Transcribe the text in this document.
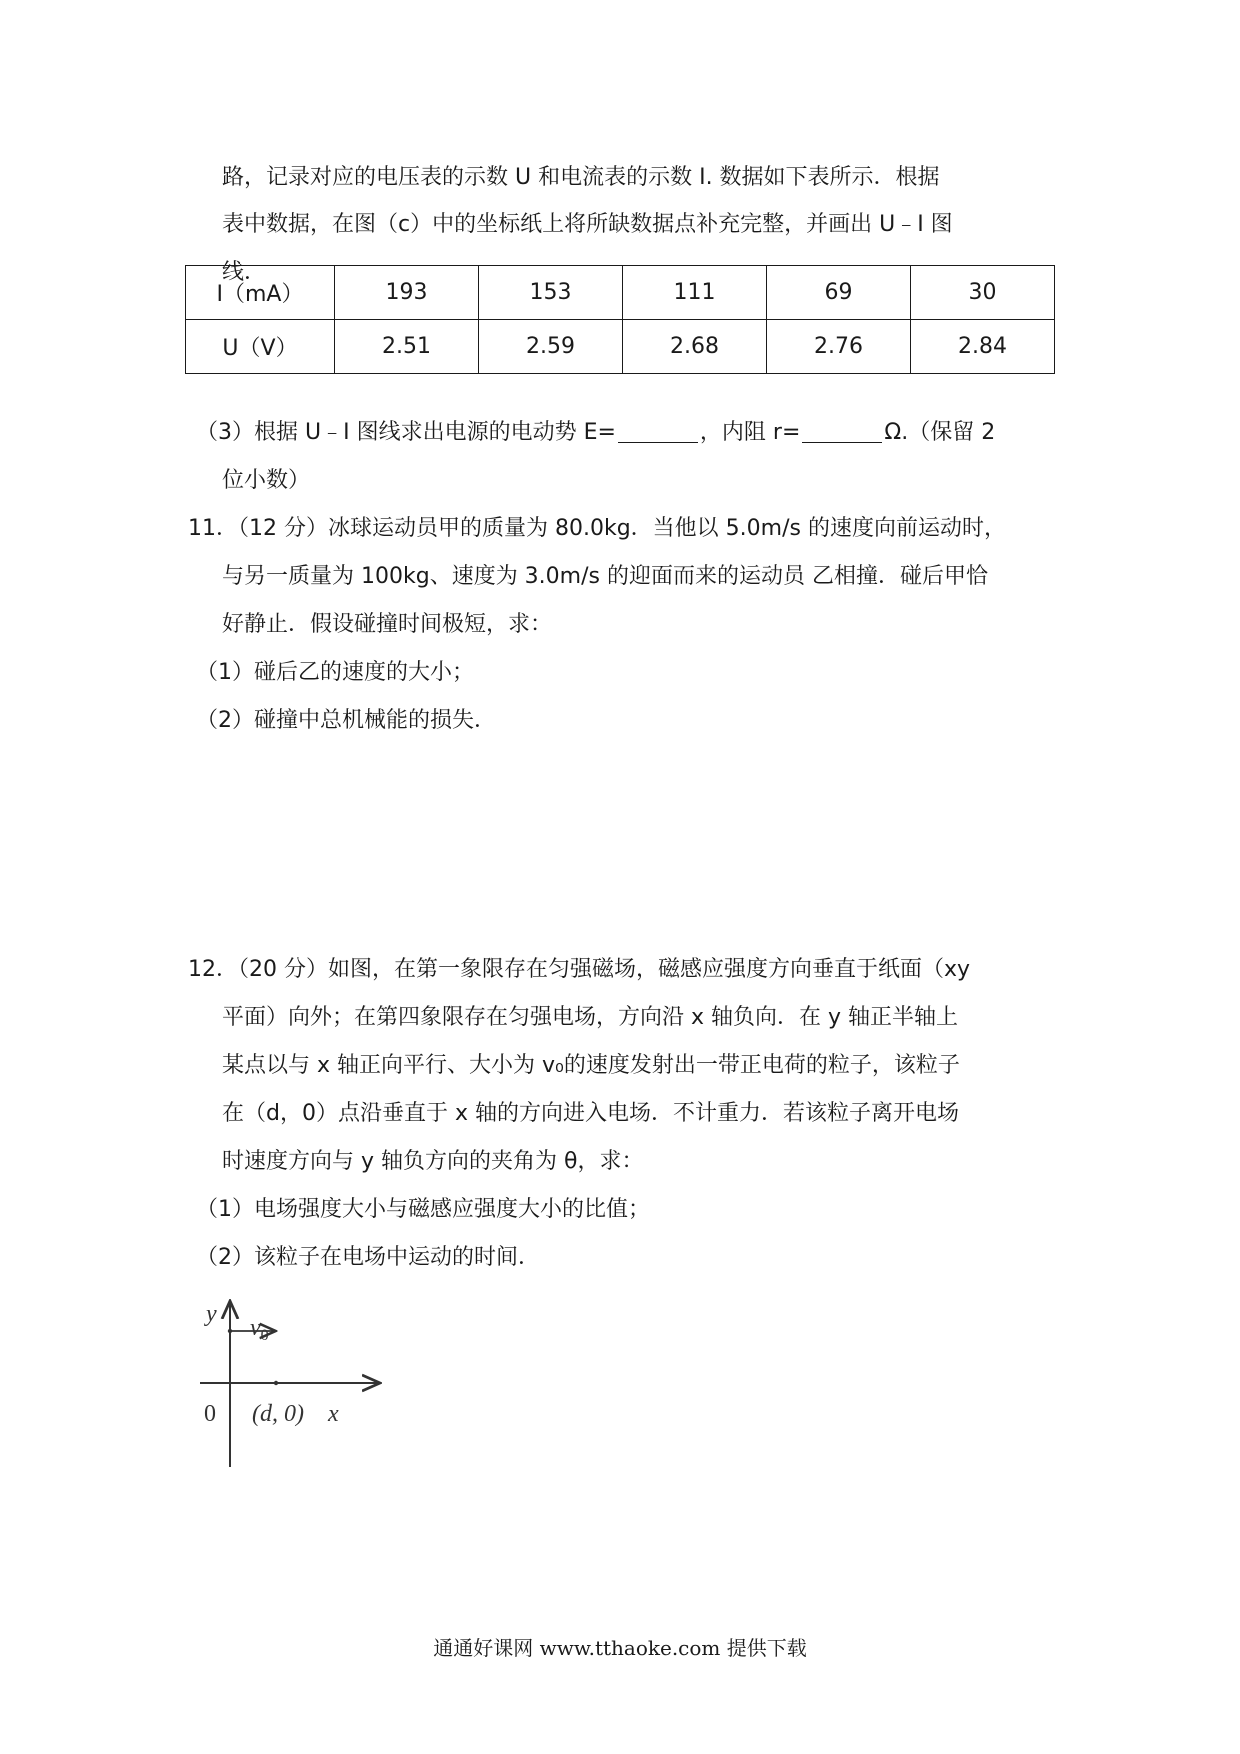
路，记录对应的电压表的示数 U 和电流表的示数 I. 数据如下表所示．根据
表中数据，在图（c）中的坐标纸上将所缺数据点补充完整，并画出 U﹣I 图
线．
I（mA）	193	153	111	69	30
U（V）	2.51	2.59	2.68	2.76	2.84
（3）根据 U﹣I 图线求出电源的电动势 E=	，内阻 r=	Ω.（保留 2
位小数）
11．（12 分）冰球运动员甲的质量为 80.0kg．当他以 5.0m/s 的速度向前运动时，
与另一质量为 100kg、速度为 3.0m/s 的迎面而来的运动员 乙相撞．碰后甲恰
好静止．假设碰撞时间极短，求：
（1）碰后乙的速度的大小；
（2）碰撞中总机械能的损失．
12．（20 分）如图，在第一象限存在匀强磁场，磁感应强度方向垂直于纸面（xy
平面）向外；在第四象限存在匀强电场，方向沿 x 轴负向．在 y 轴正半轴上
某点以与 x 轴正向平行、大小为 v₀的速度发射出一带正电荷的粒子，该粒子
在（d，0）点沿垂直于 x 轴的方向进入电场．不计重力．若该粒子离开电场
时速度方向与 y 轴负方向的夹角为 θ，求：
（1）电场强度大小与磁感应强度大小的比值；
（2）该粒子在电场中运动的时间．
y
$v_0$
0 (d, 0) x
通通好课网 www.tthaoke.com 提供下载
